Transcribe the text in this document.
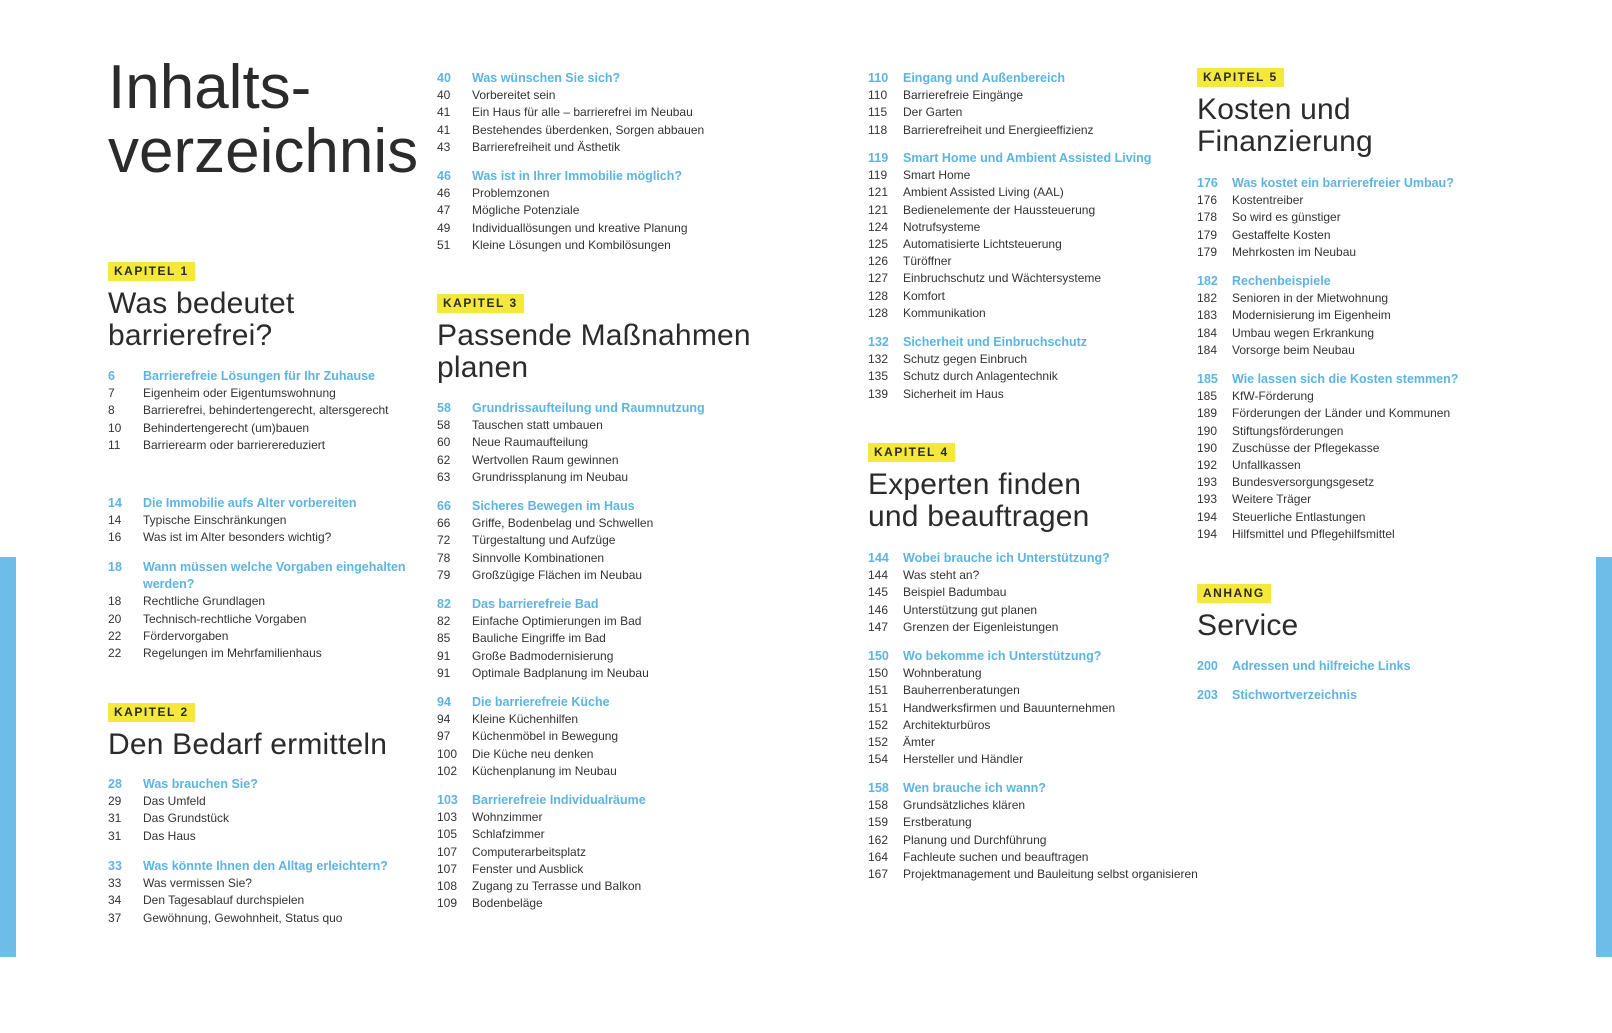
Inhalts-
verzeichnis
KAPITEL 1
Was bedeutet
barrierefrei?
6	Barrierefreie Lösungen für Ihr Zuhause
7	Eigenheim oder Eigentumswohnung
8	Barrierefrei, behindertengerecht, altersgerecht
10	Behindertengerecht (um)bauen
11	Barrierearm oder barrierereduziert
14	Die Immobilie aufs Alter vorbereiten
14	Typische Einschränkungen
16	Was ist im Alter besonders wichtig?
18	Wann müssen welche Vorgaben eingehalten werden?
18	Rechtliche Grundlagen
20	Technisch-rechtliche Vorgaben
22	Fördervorgaben
22	Regelungen im Mehrfamilienhaus
KAPITEL 2
Den Bedarf ermitteln
28	Was brauchen Sie?
29	Das Umfeld
31	Das Grundstück
31	Das Haus
33	Was könnte Ihnen den Alltag erleichtern?
33	Was vermissen Sie?
34	Den Tagesablauf durchspielen
37	Gewöhnung, Gewohnheit, Status quo
40	Was wünschen Sie sich?
40	Vorbereitet sein
41	Ein Haus für alle – barrierefrei im Neubau
41	Bestehendes überdenken, Sorgen abbauen
43	Barrierefreiheit und Ästhetik
46	Was ist in Ihrer Immobilie möglich?
46	Problemzonen
47	Mögliche Potenziale
49	Individuallösungen und kreative Planung
51	Kleine Lösungen und Kombilösungen
KAPITEL 3
Passende Maßnahmen
planen
58	Grundrissaufteilung und Raumnutzung
58	Tauschen statt umbauen
60	Neue Raumaufteilung
62	Wertvollen Raum gewinnen
63	Grundrissplanung im Neubau
66	Sicheres Bewegen im Haus
66	Griffe, Bodenbelag und Schwellen
72	Türgestaltung und Aufzüge
78	Sinnvolle Kombinationen
79	Großzügige Flächen im Neubau
82	Das barrierefreie Bad
82	Einfache Optimierungen im Bad
85	Bauliche Eingriffe im Bad
91	Große Badmodernisierung
91	Optimale Badplanung im Neubau
94	Die barrierefreie Küche
94	Kleine Küchenhilfen
97	Küchenmöbel in Bewegung
100	Die Küche neu denken
102	Küchenplanung im Neubau
103	Barrierefreie Individualräume
103	Wohnzimmer
105	Schlafzimmer
107	Computerarbeitsplatz
107	Fenster und Ausblick
108	Zugang zu Terrasse und Balkon
109	Bodenbeläge
110	Eingang und Außenbereich
110	Barrierefreie Eingänge
115	Der Garten
118	Barrierefreiheit und Energieeffizienz
119	Smart Home und Ambient Assisted Living
119	Smart Home
121	Ambient Assisted Living (AAL)
121	Bedienelemente der Haussteuerung
124	Notrufsysteme
125	Automatisierte Lichtsteuerung
126	Türöffner
127	Einbruchschutz und Wächtersysteme
128	Komfort
128	Kommunikation
132	Sicherheit und Einbruchschutz
132	Schutz gegen Einbruch
135	Schutz durch Anlagentechnik
139	Sicherheit im Haus
KAPITEL 4
Experten finden
und beauftragen
144	Wobei brauche ich Unterstützung?
144	Was steht an?
145	Beispiel Badumbau
146	Unterstützung gut planen
147	Grenzen der Eigenleistungen
150	Wo bekomme ich Unterstützung?
150	Wohnberatung
151	Bauherrenberatungen
151	Handwerksfirmen und Bauunternehmen
152	Architekturbüros
152	Ämter
154	Hersteller und Händler
158	Wen brauche ich wann?
158	Grundsätzliches klären
159	Erstberatung
162	Planung und Durchführung
164	Fachleute suchen und beauftragen
167	Projektmanagement und Bauleitung selbst organisieren
KAPITEL 5
Kosten und
Finanzierung
176	Was kostet ein barrierefreier Umbau?
176	Kostentreiber
178	So wird es günstiger
179	Gestaffelte Kosten
179	Mehrkosten im Neubau
182	Rechenbeispiele
182	Senioren in der Mietwohnung
183	Modernisierung im Eigenheim
184	Umbau wegen Erkrankung
184	Vorsorge beim Neubau
185	Wie lassen sich die Kosten stemmen?
185	KfW-Förderung
189	Förderungen der Länder und Kommunen
190	Stiftungsförderungen
190	Zuschüsse der Pflegekasse
192	Unfallkassen
193	Bundesversorgungsgesetz
193	Weitere Träger
194	Steuerliche Entlastungen
194	Hilfsmittel und Pflegehilfsmittel
ANHANG
Service
200	Adressen und hilfreiche Links
203	Stichwortverzeichnis
